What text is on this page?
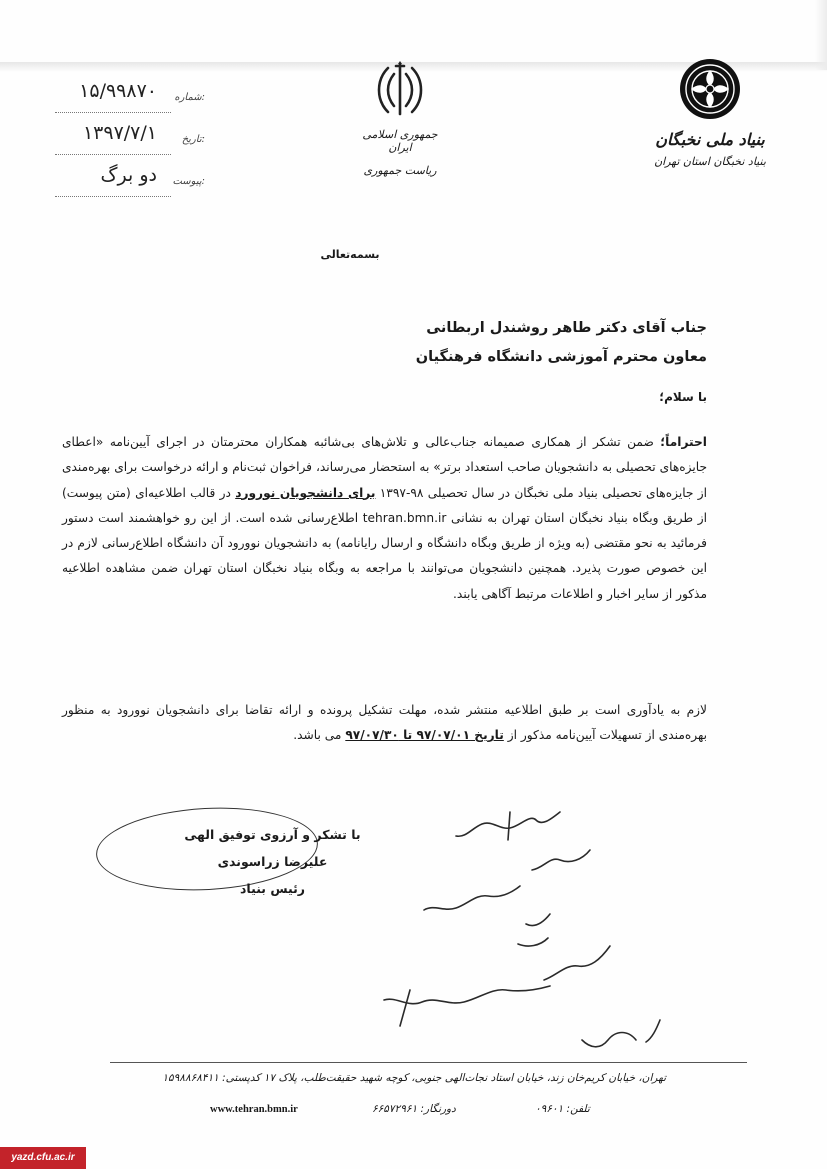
۱۵/۹۹۸۷۰ شماره:
۱۳۹۷/۷/۱ تاریخ:
دو برگ پیوست:
جمهوری اسلامی ایران
ریاست جمهوری
بنیاد ملی نخبگان
بنیاد نخبگان استان تهران
بسمه‌تعالی
جناب آقای دکتر طاهر روشندل اربطانی
معاون محترم آموزشی دانشگاه فرهنگیان
با سلام؛

احتراماً؛ ضمن تشکر از همکاری صمیمانه جناب‌عالی و تلاش‌های بی‌شائبه همکاران محترمتان در اجرای آیین‌نامه «اعطای جایزه‌های تحصیلی به دانشجویان صاحب استعداد برتر» به استحضار می‌رساند، فراخوان ثبت‌نام و ارائه درخواست برای بهره‌مندی از جایزه‌های تحصیلی بنیاد ملی نخبگان در سال تحصیلی ۹۸-۱۳۹۷ برای دانشجویان نورورد در قالب اطلاعیه‌ای (متن پیوست) از طریق وبگاه بنیاد نخبگان استان تهران به نشانی tehran.bmn.ir اطلاع‌رسانی شده است. از این رو خواهشمند است دستور فرمائید به نحو مقتضی (به ویژه از طریق وبگاه دانشگاه و ارسال رایانامه) به دانشجویان نوورود آن دانشگاه اطلاع‌رسانی لازم در این خصوص صورت پذیرد. همچنین دانشجویان می‌توانند با مراجعه به وبگاه بنیاد نخبگان استان تهران ضمن مشاهده اطلاعیه مذکور از سایر اخبار و اطلاعات مرتبط آگاهی یابند.

لازم به یادآوری است بر طبق اطلاعیه منتشر شده، مهلت تشکیل پرونده و ارائه تقاضا برای دانشجویان نوورود به منظور بهره‌مندی از تسهیلات آیین‌نامه مذکور از تاریخ ۹۷/۰۷/۰۱ تا ۹۷/۰۷/۳۰ می باشد.

با تشکر و آرزوی توفیق الهی
علیرضا زراسوندی
رئیس بنیاد
تهران، خیابان کریم‌خان زند، خیابان استاد نجات‌الهی جنوبی، کوچه شهید حقیقت‌طلب، پلاک ۱۷ کدپستی: ۱۵۹۸۸۶۸۴۱۱
تلفن: ۰۹۶۰۱
دورنگار: ۶۶۵۷۲۹۶۱
www.tehran.bmn.ir
yazd.cfu.ac.ir
